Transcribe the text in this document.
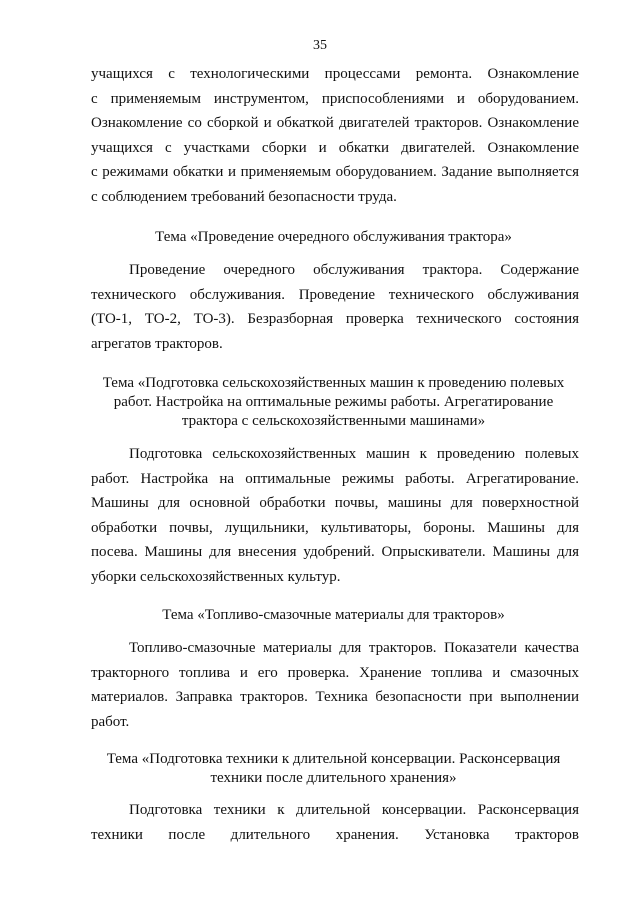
35
учащихся с технологическими процессами ремонта. Ознакомление
с применяемым инструментом, приспособлениями и оборудованием.
Ознакомление со сборкой и обкаткой двигателей тракторов. Ознакомление
учащихся с участками сборки и обкатки двигателей. Ознакомление
с режимами обкатки и применяемым оборудованием. Задание выполняется
с соблюдением требований безопасности труда.
Тема «Проведение очередного обслуживания трактора»
Проведение очередного обслуживания трактора. Содержание
технического обслуживания. Проведение технического обслуживания
(ТО-1, ТО-2, ТО-3). Безразборная проверка технического состояния
агрегатов тракторов.
Тема «Подготовка сельскохозяйственных машин к проведению полевых
работ. Настройка на оптимальные режимы работы. Агрегатирование
трактора с сельскохозяйственными машинами»
Подготовка сельскохозяйственных машин к проведению полевых
работ. Настройка на оптимальные режимы работы. Агрегатирование.
Машины для основной обработки почвы, машины для поверхностной
обработки почвы, лущильники, культиваторы, бороны. Машины для
посева. Машины для внесения удобрений. Опрыскиватели. Машины для
уборки сельскохозяйственных культур.
Тема «Топливо-смазочные материалы для тракторов»
Топливо-смазочные материалы для тракторов. Показатели качества
тракторного топлива и его проверка. Хранение топлива и смазочных
материалов. Заправка тракторов. Техника безопасности при выполнении
работ.
Тема «Подготовка техники к длительной консервации. Расконсервация
техники после длительного хранения»
Подготовка техники к длительной консервации. Расконсервация
техники после длительного хранения. Установка тракторов
